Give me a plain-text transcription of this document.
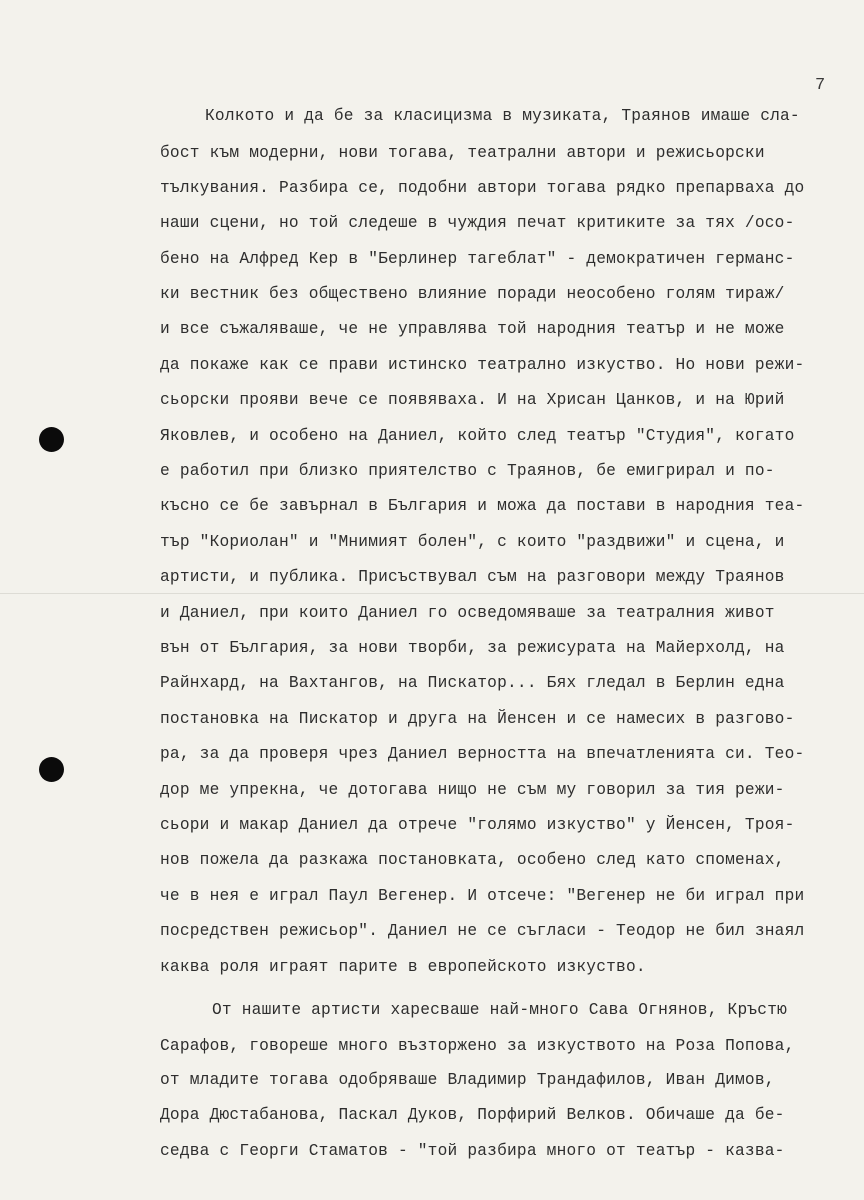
7
Колкото и да бе за класицизма в музиката, Траянов имаше сла-
бост към модерни, нови тогава, театрални автори и режисьорски
тълкувания. Разбира се, подобни автори тогава рядко препарваха до
наши сцени, но той следеше в чуждия печат критиките за тях /осо-
бено на Алфред Кер в "Берлинер тагеблат" - демократичен германс-
ки вестник без обществено влияние поради неособено голям тираж/
и все съжаляваше, че не управлява той народния театър и не може
да покаже как се прави истинско театрално изкуство. Но нови режи-
сьорски прояви вече се появяваха. И на Хрисан Цанков, и на Юрий
Яковлев, и особено на Даниел, който след театър "Студия", когато
е работил при близко приятелство с Траянов, бе емигрирал и по-
късно се бе завърнал в България и можа да постави в народния теа-
тър "Кориолан" и "Мнимият болен", с които "раздвижи" и сцена, и
артисти, и публика. Присъствувал съм на разговори между Траянов
и Даниел, при които Даниел го осведомяваше за театралния живот
вън от България, за нови творби, за режисурата на Майерхолд, на
Райнхард, на Вахтангов, на Пискатор... Бях гледал в Берлин една
постановка на Пискатор и друга на Йенсен и се намесих в разгово-
ра, за да проверя чрез Даниел верността на впечатленията си. Тео-
дор ме упрекна, че дотогава нищо не съм му говорил за тия режи-
сьори и макар Даниел да отрече "голямо изкуство" у Йенсен, Троя-
нов пожела да разкажа постановката, особено след като споменах,
че в нея е играл Паул Вегенер. И отсече: "Вегенер не би играл при
посредствен режисьор". Даниел не се съгласи - Теодор не бил знаял
каква роля играят парите в европейското изкуство.
От нашите артисти харесваше най-много Сава Огнянов, Кръстю
Сарафов, говореше много възторжено за изкуството на Роза Попова,
от младите тогава одобряваше Владимир Трандафилов, Иван Димов,
Дора Дюстабанова, Паскал Дуков, Порфирий Велков. Обичаше да бе-
седва с Георги Стаматов - "той разбира много от театър - казва-
